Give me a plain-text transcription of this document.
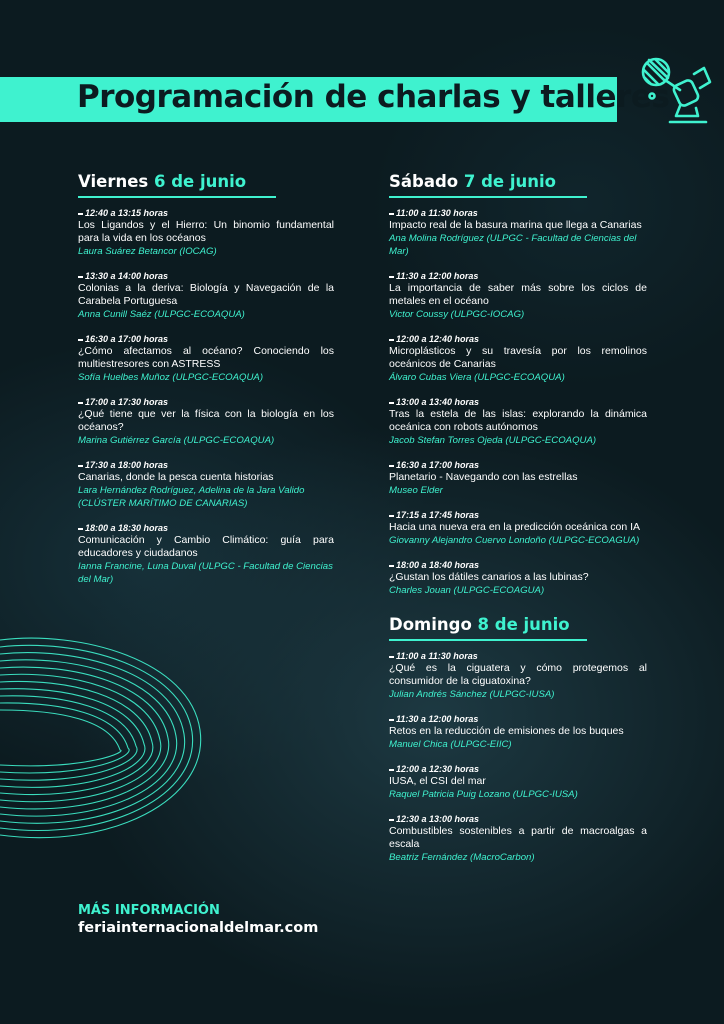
Programación de charlas y talleres
Viernes 6 de junio
12:40 a 13:15 horas
Los Ligandos y el Hierro: Un binomio fundamental para la vida en los océanos
Laura Suárez Betancor (IOCAG)
13:30 a 14:00 horas
Colonias a la deriva: Biología y Navegación de la Carabela Portuguesa
Anna Cunill Saéz (ULPGC-ECOAQUA)
16:30 a 17:00 horas
¿Cómo afectamos al océano? Conociendo los multiestresores con ASTRESS
Sofía Huelbes Muñoz (ULPGC-ECOAQUA)
17:00 a 17:30 horas
¿Qué tiene que ver la física con la biología en los océanos?
Marina Gutiérrez García (ULPGC-ECOAQUA)
17:30 a 18:00 horas
Canarias, donde la pesca cuenta historias
Lara Hernández Rodríguez, Adelina de la Jara Valido (CLÚSTER MARÍTIMO DE CANARIAS)
18:00 a 18:30 horas
Comunicación y Cambio Climático: guía para educadores y ciudadanos
Ianna Francine, Luna Duval (ULPGC - Facultad de Ciencias del Mar)
Sábado 7 de junio
11:00 a 11:30 horas
Impacto real de la basura marina que llega a Canarias
Ana Molina Rodríguez (ULPGC - Facultad de Ciencias del Mar)
11:30 a 12:00 horas
La importancia de saber más sobre los ciclos de metales en el océano
Victor Coussy (ULPGC-IOCAG)
12:00 a 12:40 horas
Microplásticos y su travesía por los remolinos oceánicos de Canarias
Álvaro Cubas Viera (ULPGC-ECOAQUA)
13:00 a 13:40 horas
Tras la estela de las islas: explorando la dinámica oceánica con robots autónomos
Jacob Stefan Torres Ojeda (ULPGC-ECOAQUA)
16:30 a 17:00 horas
Planetario - Navegando con las estrellas
Museo Elder
17:15 a 17:45 horas
Hacia una nueva era en la predicción oceánica con IA
Giovanny Alejandro Cuervo Londoño (ULPGC-ECOAGUA)
18:00 a 18:40 horas
¿Gustan los dátiles canarios a las lubinas?
Charles Jouan (ULPGC-ECOAGUA)
Domingo 8 de junio
11:00 a 11:30 horas
¿Qué es la ciguatera y cómo protegemos al consumidor de la ciguatoxina?
Julian Andrés Sánchez (ULPGC-IUSA)
11:30 a 12:00 horas
Retos en la reducción de emisiones de los buques
Manuel Chica (ULPGC-EIIC)
12:00 a 12:30 horas
IUSA, el CSI del mar
Raquel Patricia Puig Lozano (ULPGC-IUSA)
12:30 a 13:00 horas
Combustibles sostenibles a partir de macroalgas a escala
Beatriz Fernández (MacroCarbon)
MÁS INFORMACIÓN
feriainternacionaldelmar.com
